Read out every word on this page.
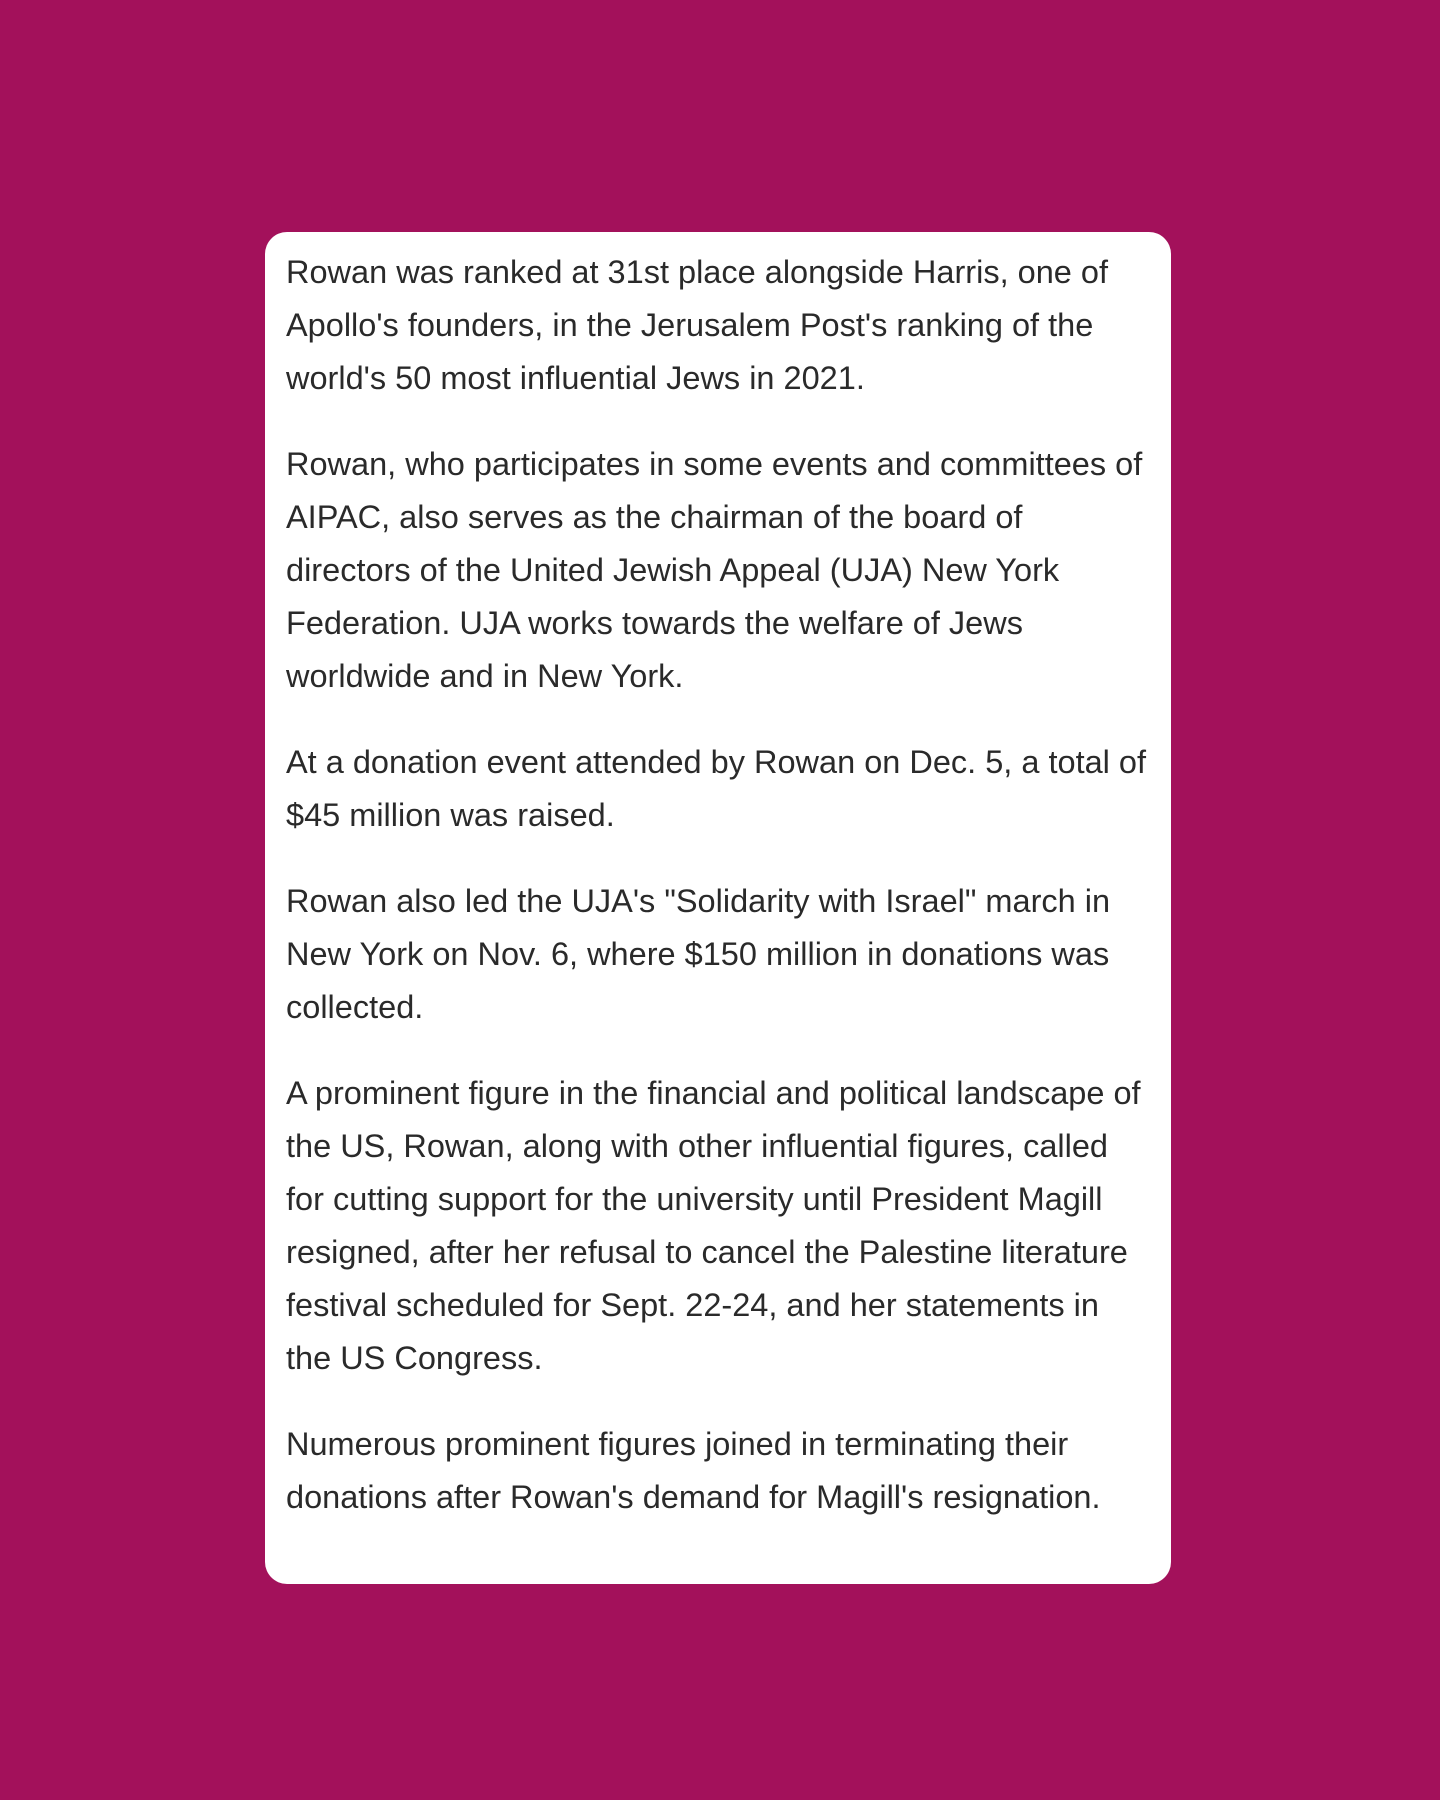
Rowan was ranked at 31st place alongside Harris, one of Apollo's founders, in the Jerusalem Post's ranking of the world's 50 most influential Jews in 2021.

Rowan, who participates in some events and committees of AIPAC, also serves as the chairman of the board of directors of the United Jewish Appeal (UJA) New York Federation. UJA works towards the welfare of Jews worldwide and in New York.

At a donation event attended by Rowan on Dec. 5, a total of $45 million was raised.

Rowan also led the UJA's "Solidarity with Israel" march in New York on Nov. 6, where $150 million in donations was collected.

A prominent figure in the financial and political landscape of the US, Rowan, along with other influential figures, called for cutting support for the university until President Magill resigned, after her refusal to cancel the Palestine literature festival scheduled for Sept. 22-24, and her statements in the US Congress.

Numerous prominent figures joined in terminating their donations after Rowan's demand for Magill's resignation.
